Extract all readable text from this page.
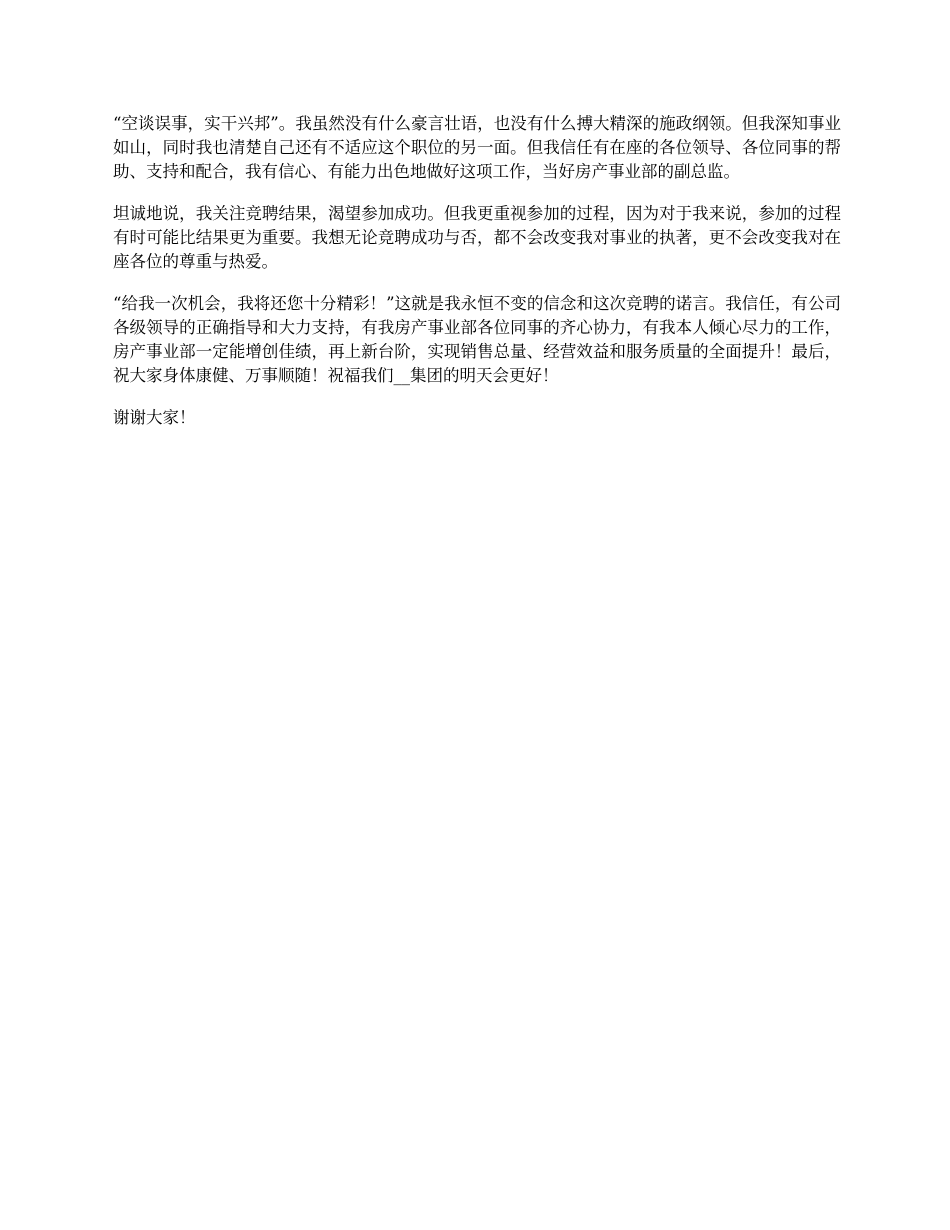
“空谈误事，实干兴邦”。我虽然没有什么豪言壮语，也没有什么搏大精深的施政纲领。但我深知事业如山，同时我也清楚自己还有不适应这个职位的另一面。但我信任有在座的各位领导、各位同事的帮助、支持和配合，我有信心、有能力出色地做好这项工作，当好房产事业部的副总监。

坦诚地说，我关注竞聘结果，渴望参加成功。但我更重视参加的过程，因为对于我来说，参加的过程有时可能比结果更为重要。我想无论竞聘成功与否，都不会改变我对事业的执著，更不会改变我对在座各位的尊重与热爱。

“给我一次机会，我将还您十分精彩！”这就是我永恒不变的信念和这次竞聘的诺言。我信任，有公司各级领导的正确指导和大力支持，有我房产事业部各位同事的齐心协力，有我本人倾心尽力的工作，房产事业部一定能增创佳绩，再上新台阶，实现销售总量、经营效益和服务质量的全面提升！最后，祝大家身体康健、万事顺随！祝福我们__集团的明天会更好！

谢谢大家！
